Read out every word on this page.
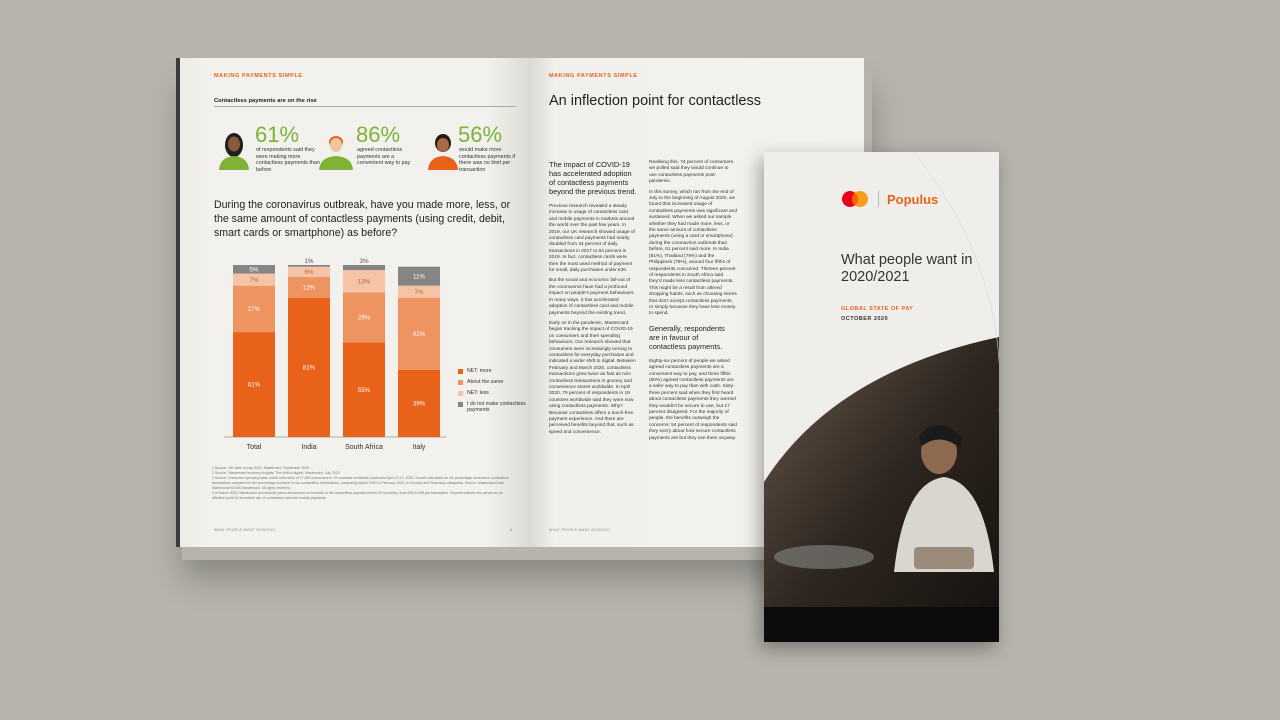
MAKING PAYMENTS SIMPLE
Contactless payments are on the rise
61%
of respondents said they were making more contactless payments than before
86%
agreed contactless payments are a convenient way to pay
56%
would make more contactless payments if there was no limit per transaction
During the coronavirus outbreak, have you made more, less, or the same amount of contactless payments (using credit, debit, smart cards or smartphone) as before?
61%
27%
7%
5%
Total
81%
12%
6%
1%
India
55%
29%
13%
3%
South Africa
39%
42%
7%
11%
Italy
NET: more
About the same
NET: less
I do not make contactless payments
1 Source: 'UK state of pay 2019', Mastercard, September 2019
2 Source: 'Mastercard recovery insights: The shift to digital', Mastercard, July 2020
3 Source: Consumer spending data; online interviews of 17,000 consumers in 19 countries worldwide conducted April 10-12, 2020. Growth calculated as the percentage increase in contactless transactions compared to the percentage increase in non-contactless transactions, comparing March 2020 to February 2020, in Grocery and Pharmacy categories. Source: Mastercard Data Warehouse 6/2020 Mastercard. All rights reserved.
4 In March 2020, Mastercard and industry peers announced an increase to the contactless payment limit to 29 countries, from £30 to £45 per transaction. Reports indicate this served as an effective point for increased use of contactless card and mobile payments.
WHAT PEOPLE WANT 2020/2021	6
MAKING PAYMENTS SIMPLE
An inflection point for contactless

The impact of COVID-19 has accelerated adoption of contactless payments beyond the previous trend.

Previous research revealed a steady increase in usage of contactless card and mobile payments in markets around the world over the past few years. In 2019, our UK research showed usage of contactless card payments had nearly doubled from 34 percent of daily transactions in 2017 to 64 percent in 2019. In fact, contactless cards were then the most used method of payment for small, daily purchases under £30.

But the social and economic fall-out of the coronavirus have had a profound impact on people's payment behaviours. In many ways, it has accelerated adoption of contactless card and mobile payments beyond the existing trend.

Early on in the pandemic, Mastercard began tracking the impact of COVID-19 on consumers and their spending behaviours. Our research showed that consumers were increasingly turning to contactless for everyday purchases and indicated a wider shift to digital. Between February and March 2020, contactless transactions grew twice as fast as non-contactless transactions in grocery and convenience stores worldwide. In April 2020, 79 percent of respondents in 19 countries worldwide said they were now using contactless payments. Why? Because contactless offers a touch-free payment experience. And there are perceived benefits beyond that, such as speed and convenience.

Realising this, 74 percent of consumers we polled said they would continue to use contactless payments post-pandemic.

In this survey, which ran from the end of July to the beginning of August 2020, we found that increased usage of contactless payments was significant and sustained. When we asked our sample whether they had made more, less, or the same amount of contactless payments (using a card or smartphone) during the coronavirus outbreak than before, 61 percent said more. In India (81%), Thailand (79%) and the Philippines (79%), around four fifths of respondents concurred. Thirteen percent of respondents in South Africa said they'd made less contactless payments. This might be a result from altered shopping habits, such as choosing stores that don't accept contactless payments, or simply because they have less money to spend.

Generally, respondents are in favour of contactless payments.

Eighty-six percent of people we asked agreed contactless payments are a convenient way to pay, and three fifths (60%) agreed contactless payments are a safer way to pay than with cash. Sixty-three percent said when they first heard about contactless payments they worried they wouldn't be secure to use, but 17 percent disagreed. For the majority of people, the benefits outweigh the concerns: 54 percent of respondents said they worry about how secure contactless payments are but they use them anyway.

WHAT PEOPLE WANT 2020/2021
Populus
What people want in 2020/2021
GLOBAL STATE OF PAY
OCTOBER 2020
